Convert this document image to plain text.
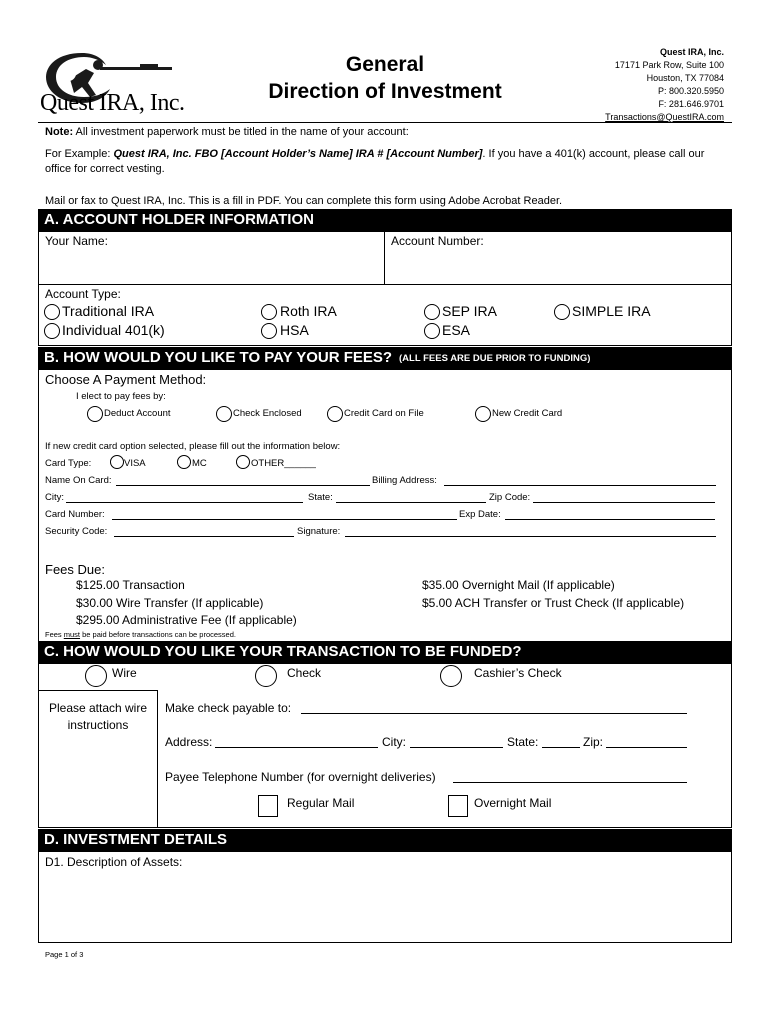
Quest IRA, Inc.
General
Direction of Investment
Quest IRA, Inc.
17171 Park Row, Suite 100
Houston, TX 77084
P: 800.320.5950
F: 281.646.9701
Transactions@QuestIRA.com
Note: All investment paperwork must be titled in the name of your account:
For Example: Quest IRA, Inc. FBO [Account Holder’s Name] IRA # [Account Number]. If you have a 401(k) account, please call our
office for correct vesting.
Mail or fax to Quest IRA, Inc. This is a fill in PDF. You can complete this form using Adobe Acrobat Reader.
A. ACCOUNT HOLDER INFORMATION
Your Name:	Account Number:
Account Type:
Traditional IRA	Roth IRA	SEP IRA	SIMPLE IRA
Individual 401(k)	HSA	ESA
B. HOW WOULD YOU LIKE TO PAY YOUR FEES? (ALL FEES ARE DUE PRIOR TO FUNDING)
Choose A Payment Method:
I elect to pay fees by:
Deduct Account	Check Enclosed	Credit Card on File	New Credit Card
If new credit card option selected, please fill out the information below:
Card Type:	VISA	MC	OTHER______
Name On Card:	Billing Address:
City:	State:	Zip Code:
Card Number:	Exp Date:
Security Code:	Signature:
Fees Due:
$125.00 Transaction
$30.00 Wire Transfer (If applicable)
$295.00 Administrative Fee (If applicable)
$35.00 Overnight Mail (If applicable)
$5.00 ACH Transfer or Trust Check (If applicable)
Fees must be paid before transactions can be processed.
C. HOW WOULD YOU LIKE YOUR TRANSACTION TO BE FUNDED?
Wire	Check	Cashier’s Check
Please attach wire
instructions
Make check payable to:
Address:	City:	State:	Zip:
Payee Telephone Number (for overnight deliveries)
Regular Mail	Overnight Mail
D. INVESTMENT DETAILS
D1. Description of Assets:
Page 1 of 3
